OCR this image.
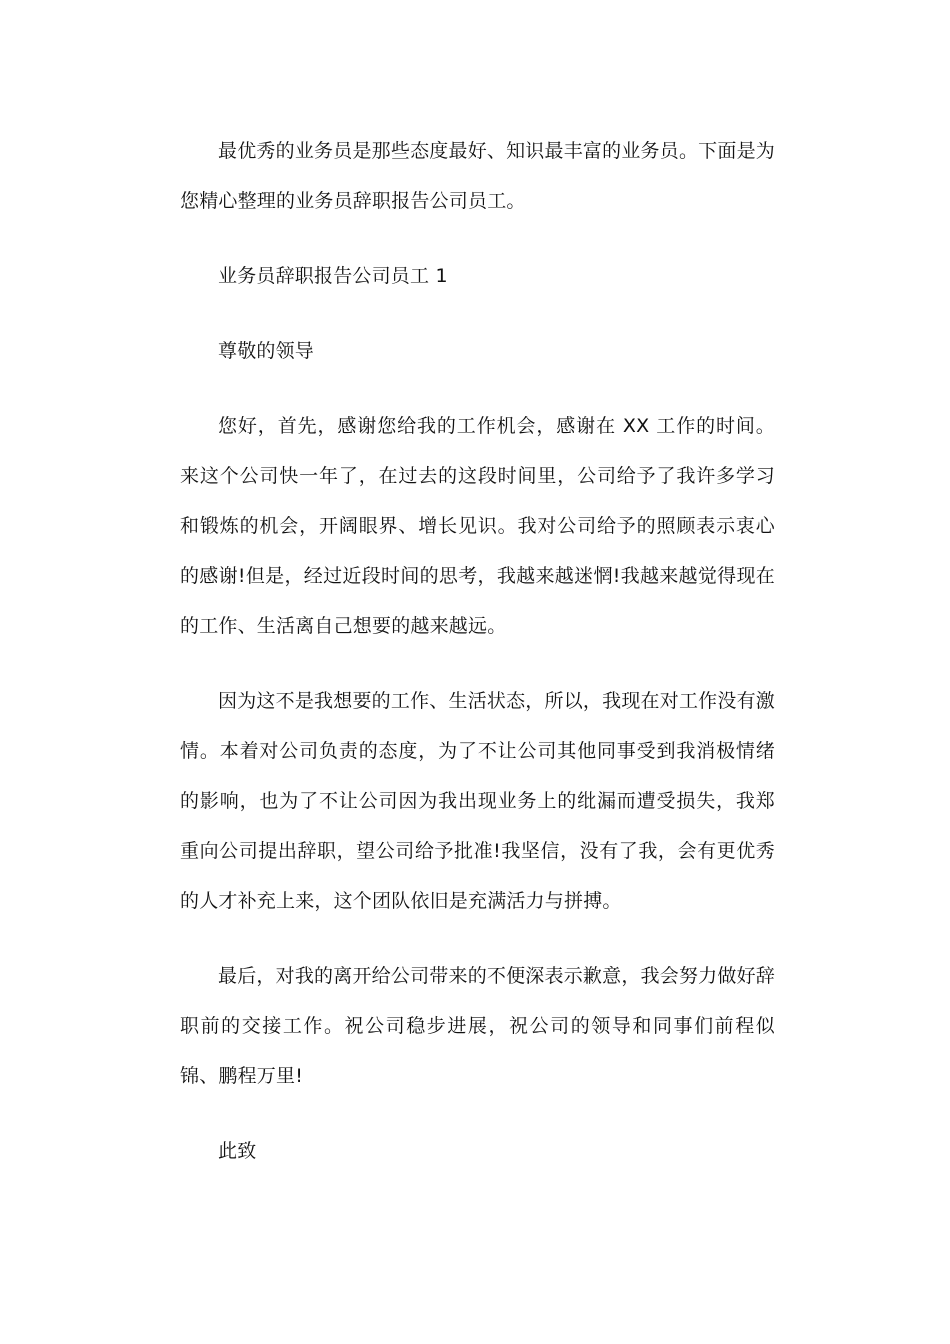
最优秀的业务员是那些态度最好、知识最丰富的业务员。下面是为您精心整理的业务员辞职报告公司员工。

业务员辞职报告公司员工 1

尊敬的领导

您好，首先，感谢您给我的工作机会，感谢在 XX 工作的时间。来这个公司快一年了，在过去的这段时间里，公司给予了我许多学习和锻炼的机会，开阔眼界、增长见识。我对公司给予的照顾表示衷心的感谢!但是，经过近段时间的思考，我越来越迷惘!我越来越觉得现在的工作、生活离自己想要的越来越远。

因为这不是我想要的工作、生活状态，所以，我现在对工作没有激情。本着对公司负责的态度，为了不让公司其他同事受到我消极情绪的影响，也为了不让公司因为我出现业务上的纰漏而遭受损失，我郑重向公司提出辞职，望公司给予批准!我坚信，没有了我，会有更优秀的人才补充上来，这个团队依旧是充满活力与拼搏。

最后，对我的离开给公司带来的不便深表示歉意，我会努力做好辞职前的交接工作。祝公司稳步进展，祝公司的领导和同事们前程似锦、鹏程万里!

此致
